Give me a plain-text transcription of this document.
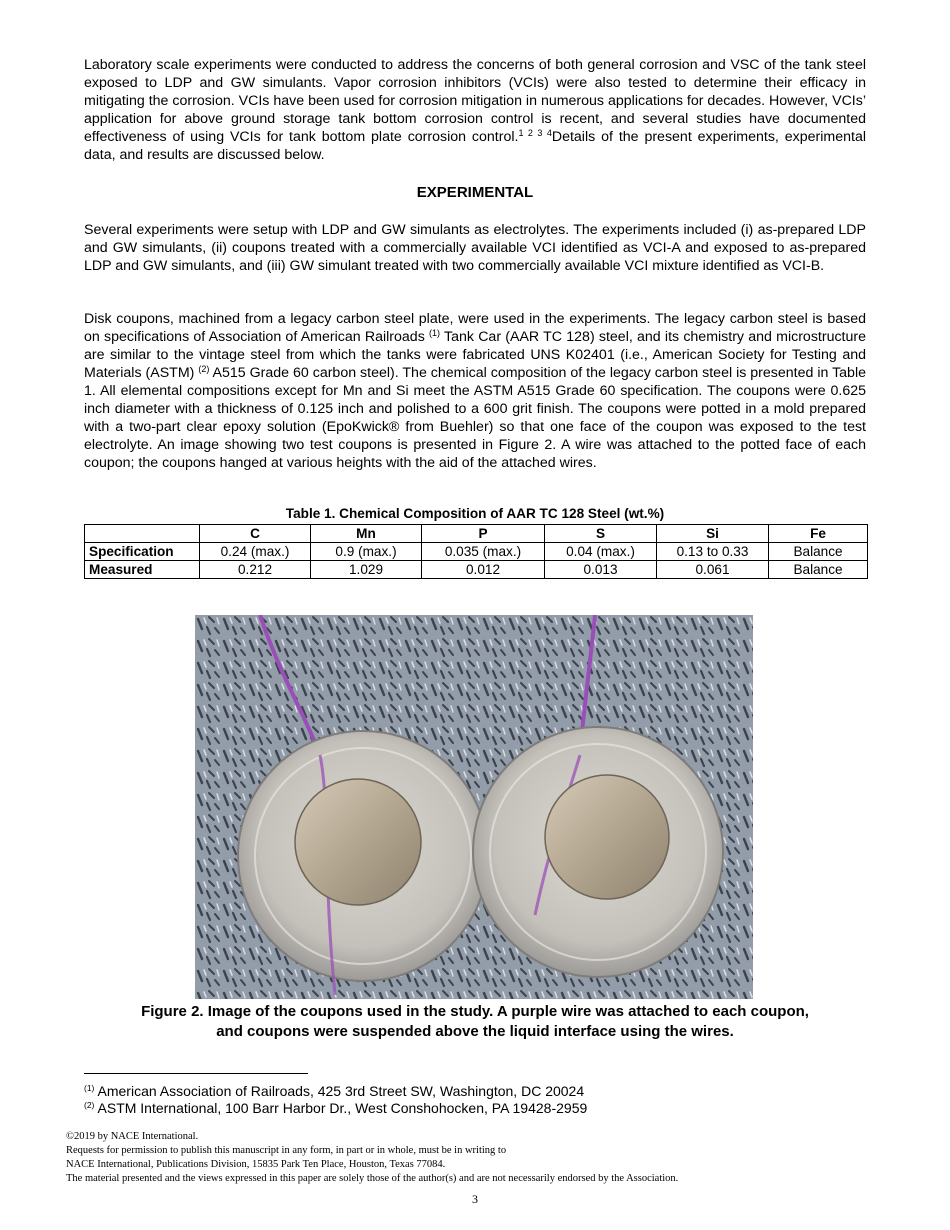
Laboratory scale experiments were conducted to address the concerns of both general corrosion and VSC of the tank steel exposed to LDP and GW simulants. Vapor corrosion inhibitors (VCIs) were also tested to determine their efficacy in mitigating the corrosion. VCIs have been used for corrosion mitigation in numerous applications for decades. However, VCIs’ application for above ground storage tank bottom corrosion control is recent, and several studies have documented effectiveness of using VCIs for tank bottom plate corrosion control.$^{1 2 3 4}$Details of the present experiments, experimental data, and results are discussed below.

EXPERIMENTAL

Several experiments were setup with LDP and GW simulants as electrolytes. The experiments included (i) as-prepared LDP and GW simulants, (ii) coupons treated with a commercially available VCI identified as VCI-A and exposed to as-prepared LDP and GW simulants, and (iii) GW simulant treated with two commercially available VCI mixture identified as VCI-B.

Disk coupons, machined from a legacy carbon steel plate, were used in the experiments. The legacy carbon steel is based on specifications of Association of American Railroads $^{(1)}$ Tank Car (AAR TC 128) steel, and its chemistry and microstructure are similar to the vintage steel from which the tanks were fabricated UNS K02401 (i.e., American Society for Testing and Materials (ASTM) $^{(2)}$ A515 Grade 60 carbon steel). The chemical composition of the legacy carbon steel is presented in Table 1. All elemental compositions except for Mn and Si meet the ASTM A515 Grade 60 specification. The coupons were 0.625 inch diameter with a thickness of 0.125 inch and polished to a 600 grit finish. The coupons were potted in a mold prepared with a two-part clear epoxy solution (EpoKwick® from Buehler) so that one face of the coupon was exposed to the test electrolyte. An image showing two test coupons is presented in Figure 2. A wire was attached to the potted face of each coupon; the coupons hanged at various heights with the aid of the attached wires.

Table 1. Chemical Composition of AAR TC 128 Steel (wt.%)

	C	Mn	P	S	Si	Fe
Specification	0.24 (max.)	0.9 (max.)	0.035 (max.)	0.04 (max.)	0.13 to 0.33	Balance
Measured	0.212	1.029	0.012	0.013	0.061	Balance

Figure 2. Image of the coupons used in the study. A purple wire was attached to each coupon,
and coupons were suspended above the liquid interface using the wires.

$^{(1)}$ American Association of Railroads, 425 3rd Street SW, Washington, DC 20024

$^{(2)}$ ASTM International, 100 Barr Harbor Dr., West Conshohocken, PA 19428-2959

©2019 by NACE International.
Requests for permission to publish this manuscript in any form, in part or in whole, must be in writing to
NACE International, Publications Division, 15835 Park Ten Place, Houston, Texas 77084.
The material presented and the views expressed in this paper are solely those of the author(s) and are not necessarily endorsed by the Association.

3
